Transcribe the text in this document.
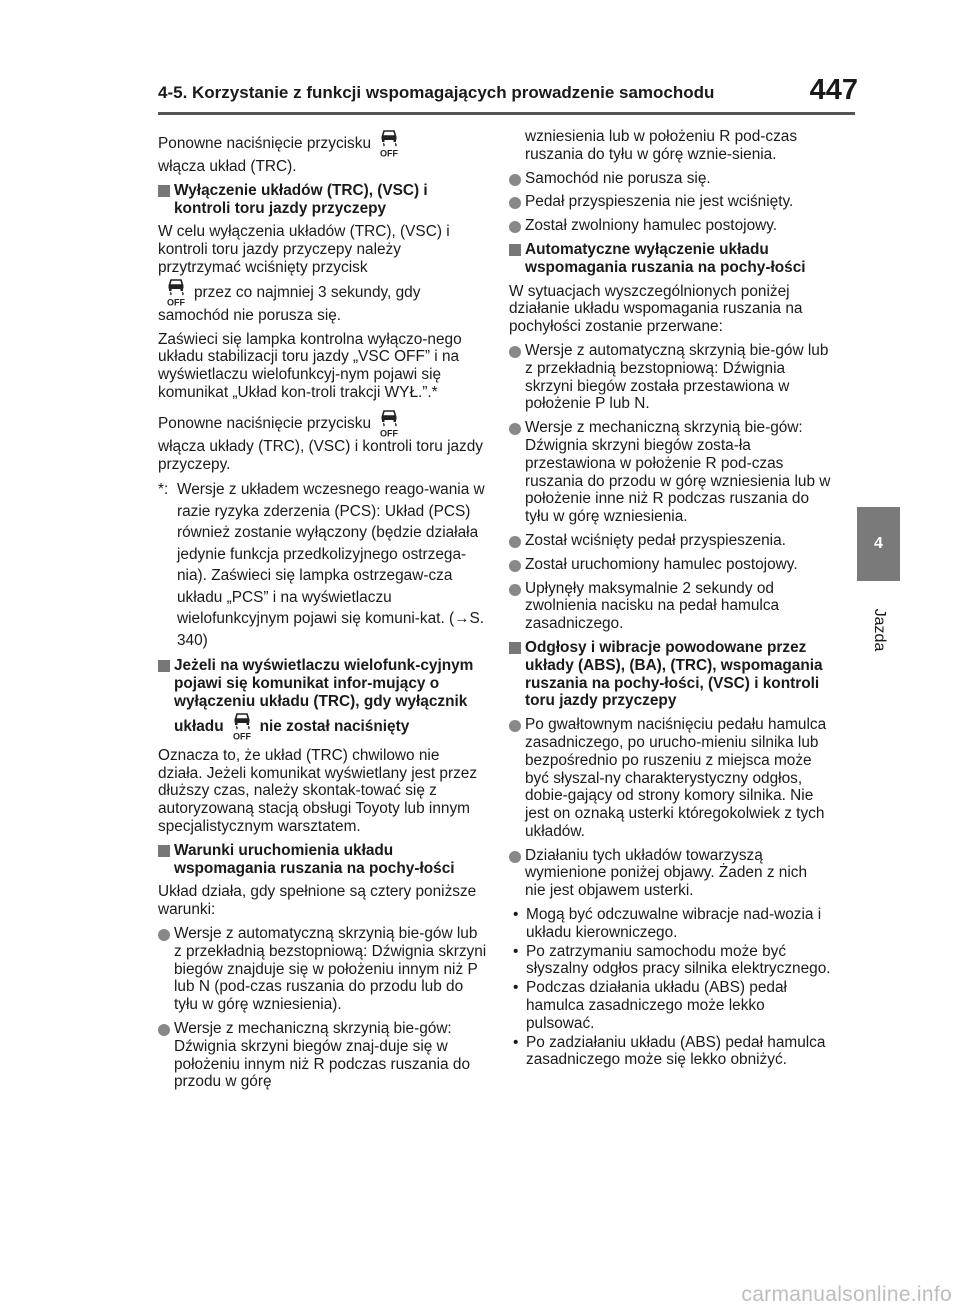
4-5. Korzystanie z funkcji wspomagających prowadzenie samochodu	447
Ponowne naciśnięcie przycisku
OFF

włącza układ (TRC).
Wyłączenie układów (TRC), (VSC) i kontroli toru jazdy przyczepy
W celu wyłączenia układów (TRC), (VSC) i kontroli toru jazdy przyczepy należy przytrzymać wciśnięty przycisk

OFF
przez co najmniej 3 sekundy, gdy samochód nie porusza się.
Zaświeci się lampka kontrolna wyłączo-nego układu stabilizacji toru jazdy „VSC OFF” i na wyświetlaczu wielofunkcyj-nym pojawi się komunikat „Układ kon-troli trakcji WYŁ.”.*
Ponowne naciśnięcie przycisku
OFF

włącza układy (TRC), (VSC) i kontroli toru jazdy przyczepy.
*: Wersje z układem wczesnego reago-wania w razie ryzyka zderzenia (PCS): Układ (PCS) również zostanie wyłączony (będzie działała jedynie funkcja przedkolizyjnego ostrzega-nia). Zaświeci się lampka ostrzegaw-cza układu „PCS” i na wyświetlaczu wielofunkcyjnym pojawi się komuni-kat. (→S. 340)
Jeżeli na wyświetlaczu wielofunk-cyjnym pojawi się komunikat infor-mujący o wyłączeniu układu (TRC), gdy wyłącznik układu
OFF
nie został naciśnięty
Oznacza to, że układ (TRC) chwilowo nie działa. Jeżeli komunikat wyświetlany jest przez dłuższy czas, należy skontak-tować się z autoryzowaną stacją obsługi Toyoty lub innym specjalistycznym warsztatem.
Warunki uruchomienia układu wspomagania ruszania na pochy-łości
Układ działa, gdy spełnione są cztery poniższe warunki:
Wersje z automatyczną skrzynią bie-gów lub z przekładnią bezstopniową: Dźwignia skrzyni biegów znajduje się w położeniu innym niż P lub N (pod-czas ruszania do przodu lub do tyłu w górę wzniesienia).
Wersje z mechaniczną skrzynią bie-gów: Dźwignia skrzyni biegów znaj-duje się w położeniu innym niż R podczas ruszania do przodu w górę
wzniesienia lub w położeniu R pod-czas ruszania do tyłu w górę wznie-sienia.
Samochód nie porusza się.
Pedał przyspieszenia nie jest wciśnięty.
Został zwolniony hamulec postojowy.
Automatyczne wyłączenie układu wspomagania ruszania na pochy-łości
W sytuacjach wyszczególnionych poniżej działanie układu wspomagania ruszania na pochyłości zostanie przerwane:
Wersje z automatyczną skrzynią bie-gów lub z przekładnią bezstopniową: Dźwignia skrzyni biegów została przestawiona w położenie P lub N.
Wersje z mechaniczną skrzynią bie-gów: Dźwignia skrzyni biegów zosta-ła przestawiona w położenie R pod-czas ruszania do przodu w górę wzniesienia lub w położenie inne niż R podczas ruszania do tyłu w górę wzniesienia.
Został wciśnięty pedał przyspieszenia.
Został uruchomiony hamulec postojowy.
Upłynęły maksymalnie 2 sekundy od zwolnienia nacisku na pedał hamulca zasadniczego.
Odgłosy i wibracje powodowane przez układy (ABS), (BA), (TRC), wspomagania ruszania na pochy-łości, (VSC) i kontroli toru jazdy przyczepy
Po gwałtownym naciśnięciu pedału hamulca zasadniczego, po urucho-mieniu silnika lub bezpośrednio po ruszeniu z miejsca może być słyszal-ny charakterystyczny odgłos, dobie-gający od strony komory silnika. Nie jest on oznaką usterki któregokolwiek z tych układów.
Działaniu tych układów towarzyszą wymienione poniżej objawy. Żaden z nich nie jest objawem usterki.
• Mogą być odczuwalne wibracje nad-wozia i układu kierowniczego.
• Po zatrzymaniu samochodu może być słyszalny odgłos pracy silnika elektrycznego.
• Podczas działania układu (ABS) pedał hamulca zasadniczego może lekko pulsować.
• Po zadziałaniu układu (ABS) pedał hamulca zasadniczego może się lekko obniżyć.
4
Jazda
carmanualsonline.info
